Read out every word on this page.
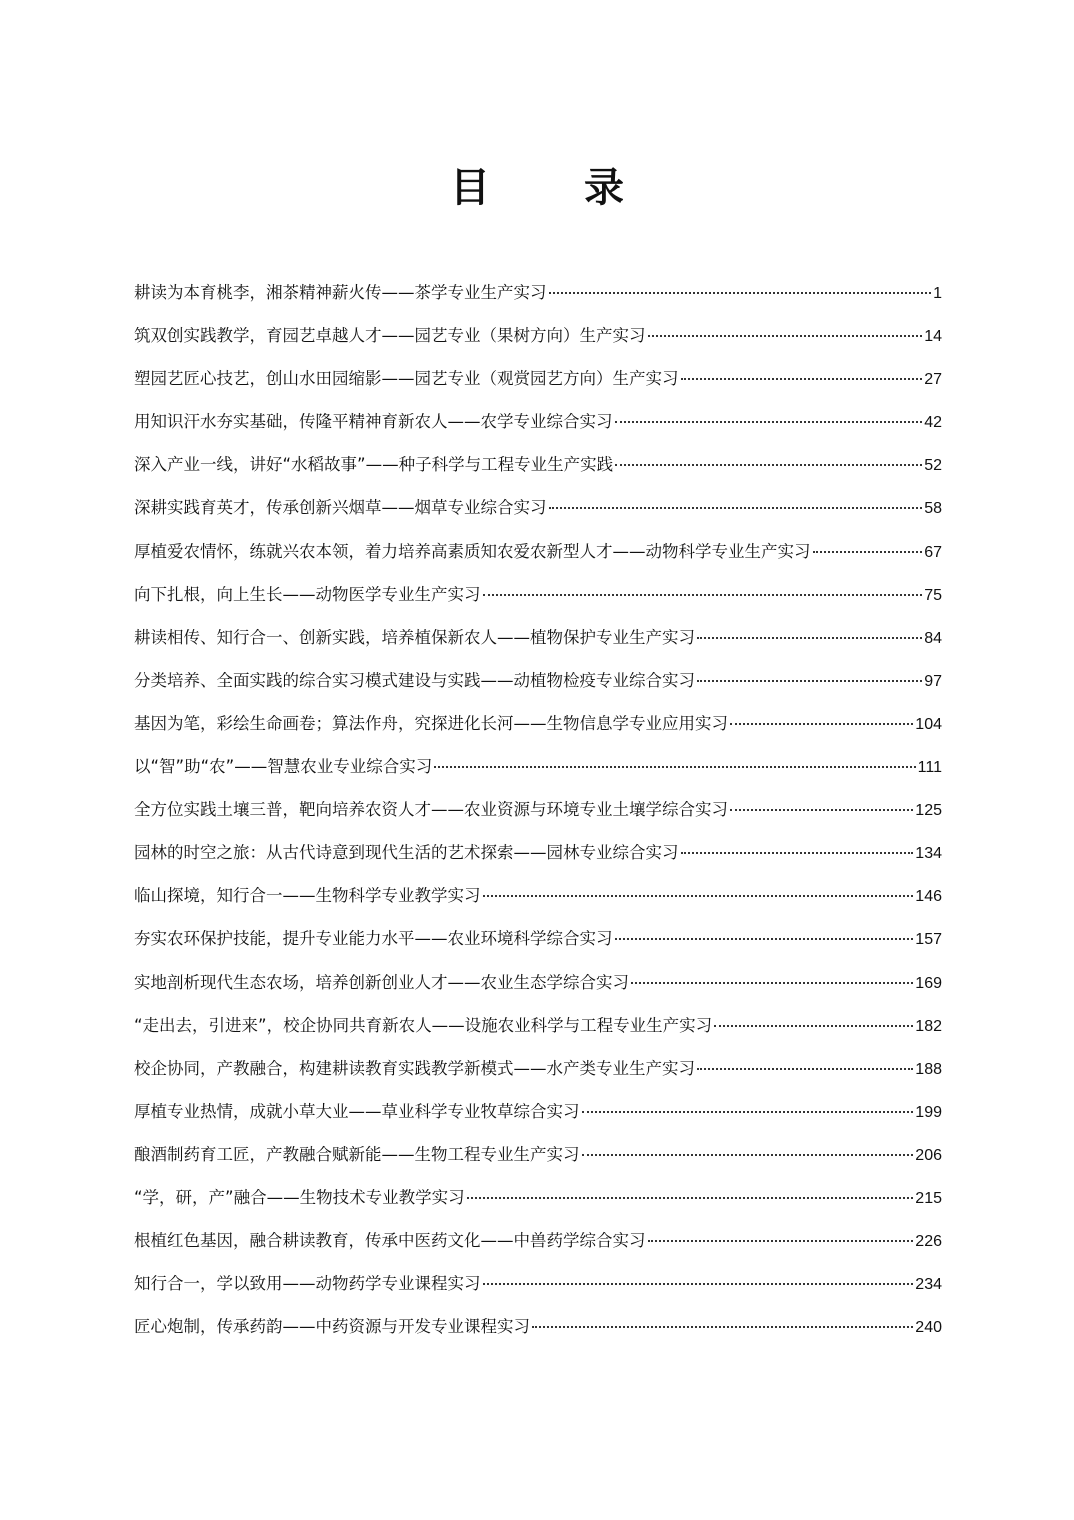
目 录
耕读为本育桃李，湘茶精神薪火传——茶学专业生产实习	1
筑双创实践教学，育园艺卓越人才——园艺专业（果树方向）生产实习	14
塑园艺匠心技艺，创山水田园缩影——园艺专业（观赏园艺方向）生产实习	27
用知识汗水夯实基础，传隆平精神育新农人——农学专业综合实习	42
深入产业一线，讲好“水稻故事”——种子科学与工程专业生产实践	52
深耕实践育英才，传承创新兴烟草——烟草专业综合实习	58
厚植爱农情怀，练就兴农本领，着力培养高素质知农爱农新型人才——动物科学专业生产实习	67
向下扎根，向上生长——动物医学专业生产实习	75
耕读相传、知行合一、创新实践，培养植保新农人——植物保护专业生产实习	84
分类培养、全面实践的综合实习模式建设与实践——动植物检疫专业综合实习	97
基因为笔，彩绘生命画卷；算法作舟，究探进化长河——生物信息学专业应用实习	104
以“智”助“农”——智慧农业专业综合实习	111
全方位实践土壤三普，靶向培养农资人才——农业资源与环境专业土壤学综合实习	125
园林的时空之旅：从古代诗意到现代生活的艺术探索——园林专业综合实习	134
临山探境，知行合一——生物科学专业教学实习	146
夯实农环保护技能，提升专业能力水平——农业环境科学综合实习	157
实地剖析现代生态农场，培养创新创业人才——农业生态学综合实习	169
“走出去，引进来”，校企协同共育新农人——设施农业科学与工程专业生产实习	182
校企协同，产教融合，构建耕读教育实践教学新模式——水产类专业生产实习	188
厚植专业热情，成就小草大业——草业科学专业牧草综合实习	199
酿酒制药育工匠，产教融合赋新能——生物工程专业生产实习	206
“学，研，产”融合——生物技术专业教学实习	215
根植红色基因，融合耕读教育，传承中医药文化——中兽药学综合实习	226
知行合一，学以致用——动物药学专业课程实习	234
匠心炮制，传承药韵——中药资源与开发专业课程实习	240
